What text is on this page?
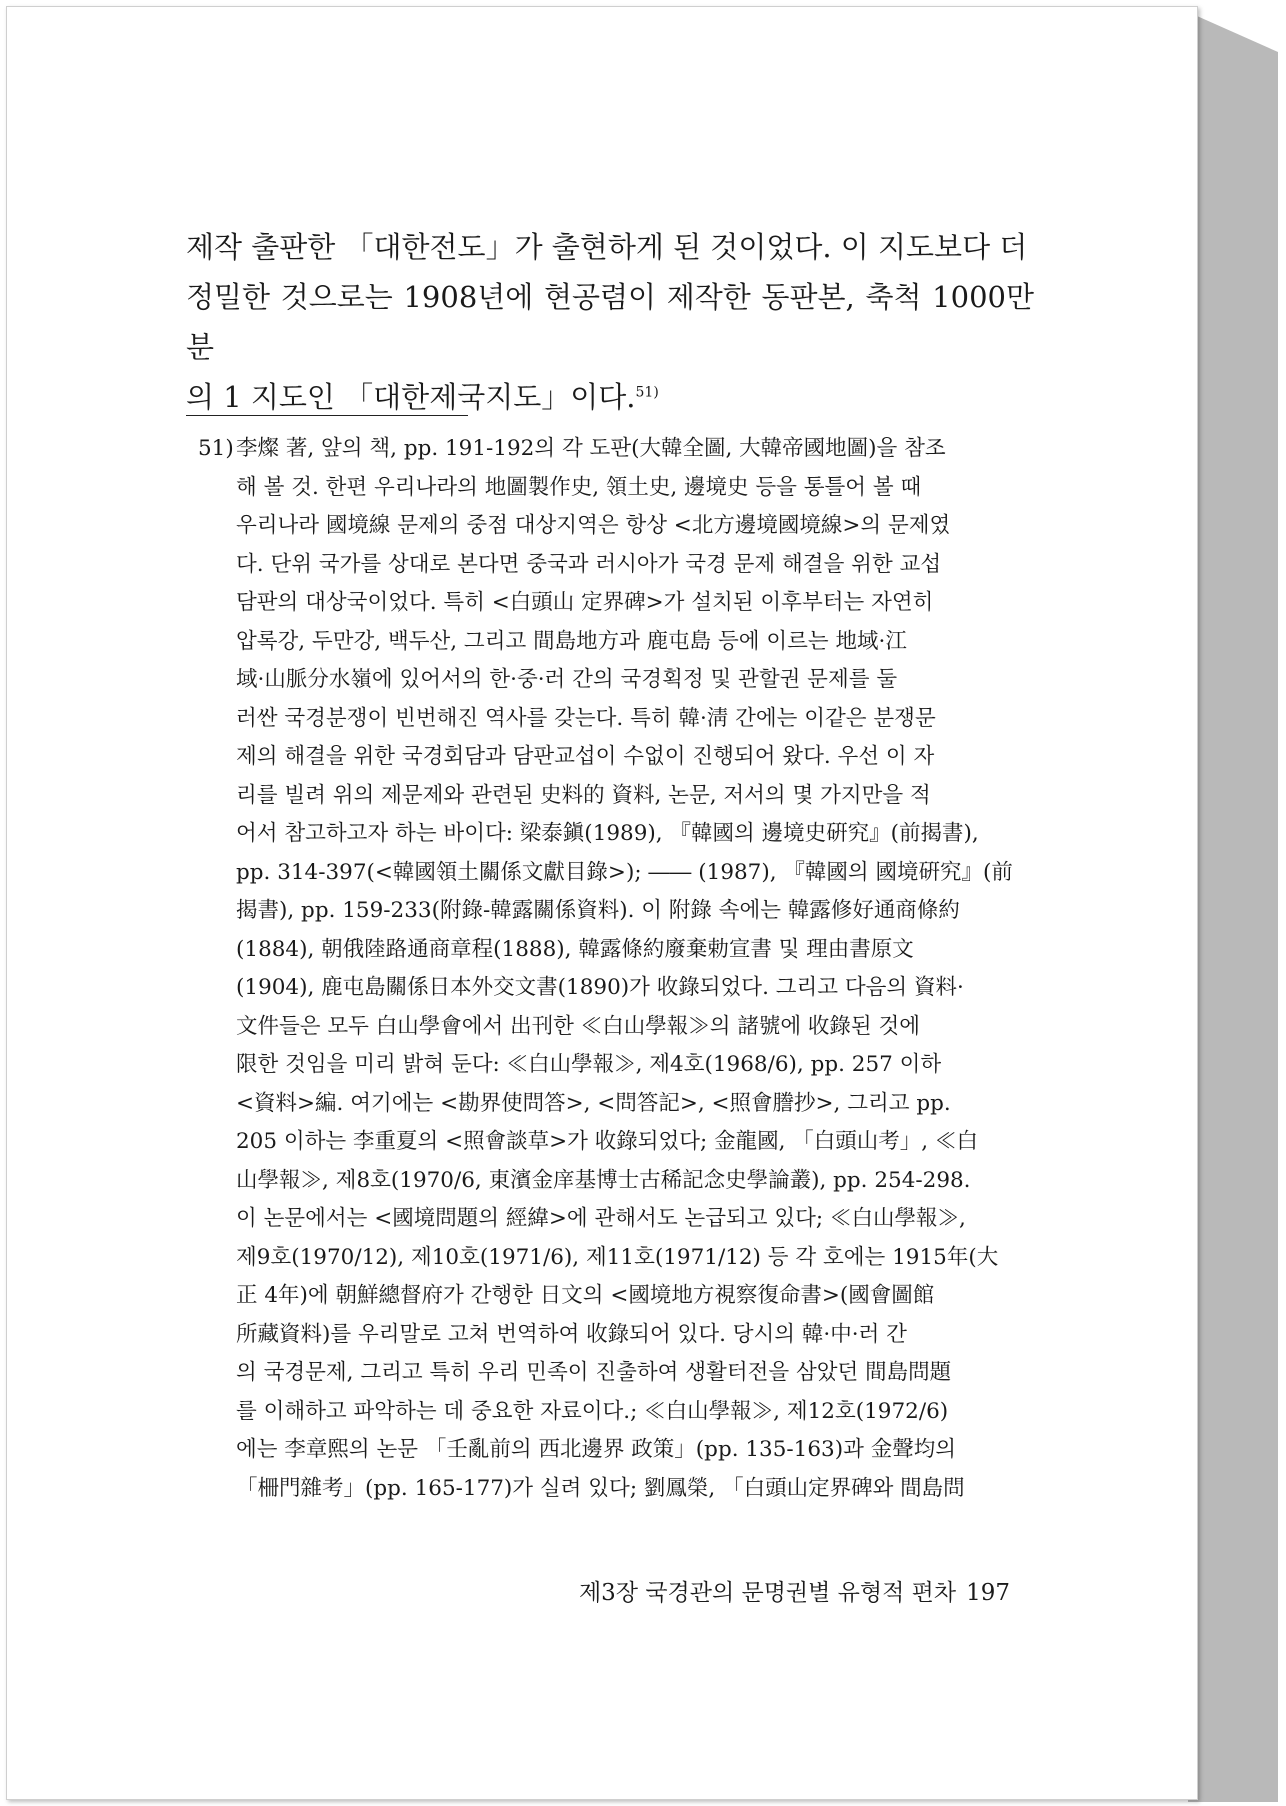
제작 출판한 「대한전도」가 출현하게 된 것이었다. 이 지도보다 더
정밀한 것으로는 1908년에 현공렴이 제작한 동판본, 축척 1000만분
의 1 지도인 「대한제국지도」이다.$^{51)}$
51) 李燦 著, 앞의 책, pp. 191-192의 각 도판(大韓全圖, 大韓帝國地圖)을 참조
해 볼 것. 한편 우리나라의 地圖製作史, 領土史, 邊境史 등을 통틀어 볼 때
우리나라 國境線 문제의 중점 대상지역은 항상 <北方邊境國境線>의 문제였
다. 단위 국가를 상대로 본다면 중국과 러시아가 국경 문제 해결을 위한 교섭
담판의 대상국이었다. 특히 <白頭山 定界碑>가 설치된 이후부터는 자연히
압록강, 두만강, 백두산, 그리고 間島地方과 鹿屯島 등에 이르는 地域·江
域·山脈分水嶺에 있어서의 한·중·러 간의 국경획정 및 관할권 문제를 둘
러싼 국경분쟁이 빈번해진 역사를 갖는다. 특히 韓·淸 간에는 이같은 분쟁문
제의 해결을 위한 국경회담과 담판교섭이 수없이 진행되어 왔다. 우선 이 자
리를 빌려 위의 제문제와 관련된 史料的 資料, 논문, 저서의 몇 가지만을 적
어서 참고하고자 하는 바이다: 梁泰鎭(1989), 『韓國의 邊境史硏究』(前揭書),
pp. 314-397(<韓國領土關係文獻目錄>); ―― (1987), 『韓國의 國境硏究』(前
揭書), pp. 159-233(附錄-韓露關係資料). 이 附錄 속에는 韓露修好通商條約
(1884), 朝俄陸路通商章程(1888), 韓露條約廢棄勅宣書 및 理由書原文
(1904), 鹿屯島關係日本外交文書(1890)가 收錄되었다. 그리고 다음의 資料·
文件들은 모두 白山學會에서 出刊한 ≪白山學報≫의 諸號에 收錄된 것에
限한 것임을 미리 밝혀 둔다: ≪白山學報≫, 제4호(1968/6), pp. 257 이하
<資料>編. 여기에는 <勘界使問答>, <問答記>, <照會謄抄>, 그리고 pp.
205 이하는 李重夏의 <照會談草>가 收錄되었다; 金龍國, 「白頭山考」, ≪白
山學報≫, 제8호(1970/6, 東濱金庠基博士古稀記念史學論叢), pp. 254-298.
이 논문에서는 <國境問題의 經緯>에 관해서도 논급되고 있다; ≪白山學報≫,
제9호(1970/12), 제10호(1971/6), 제11호(1971/12) 등 각 호에는 1915年(大
正 4年)에 朝鮮總督府가 간행한 日文의 <國境地方視察復命書>(國會圖館
所藏資料)를 우리말로 고쳐 번역하여 收錄되어 있다. 당시의 韓·中·러 간
의 국경문제, 그리고 특히 우리 민족이 진출하여 생활터전을 삼았던 間島問題
를 이해하고 파악하는 데 중요한 자료이다.; ≪白山學報≫, 제12호(1972/6)
에는 李章熙의 논문 「壬亂前의 西北邊界 政策」(pp. 135-163)과 金聲均의
「柵門雜考」(pp. 165-177)가 실려 있다; 劉鳳榮, 「白頭山定界碑와 間島問
제3장 국경관의 문명권별 유형적 편차 197
